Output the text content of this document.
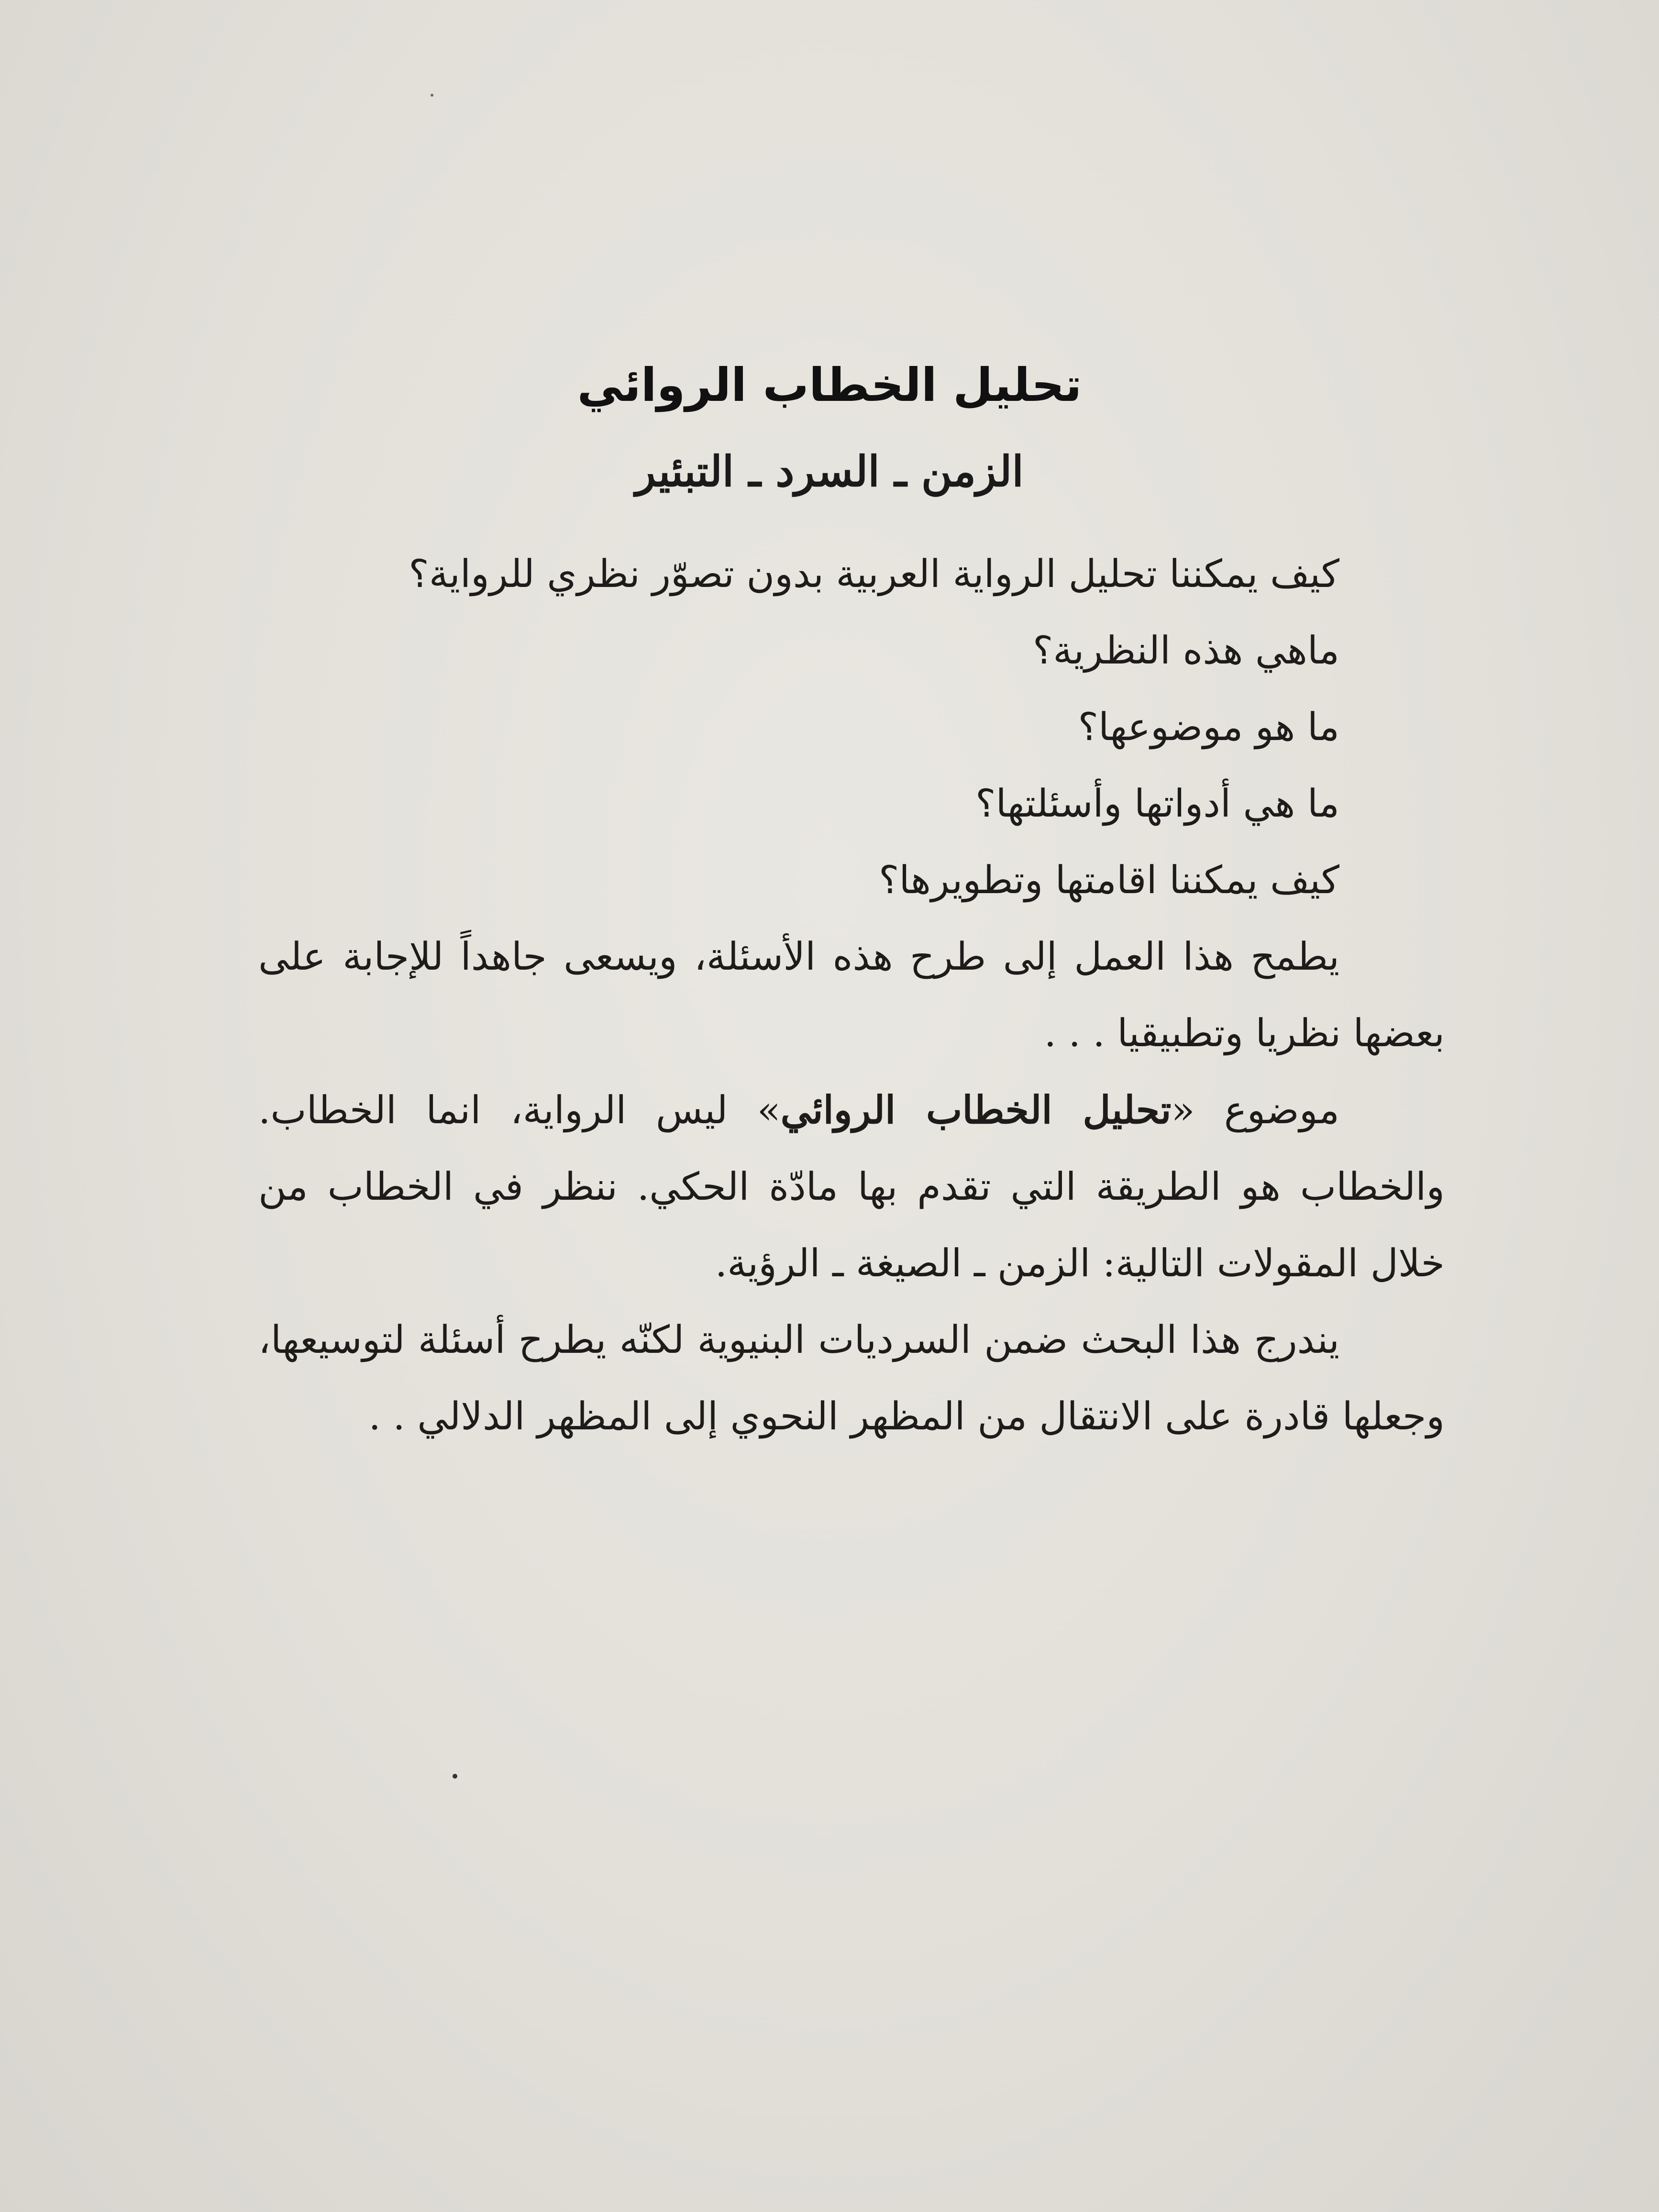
تحليل الخطاب الروائي
الزمن ـ السرد ـ التبئير

كيف يمكننا تحليل الرواية العربية بدون تصوّر نظري للرواية؟

ماهي هذه النظرية؟

ما هو موضوعها؟

ما هي أدواتها وأسئلتها؟

كيف يمكننا اقامتها وتطويرها؟

يطمح هذا العمل إلى طرح هذه الأسئلة، ويسعى جاهداً للإجابة على بعضها نظريا وتطبيقيا . . .

موضوع «تحليل الخطاب الروائي» ليس الرواية، انما الخطاب. والخطاب هو الطريقة التي تقدم بها مادّة الحكي. ننظر في الخطاب من خلال المقولات التالية: الزمن ـ الصيغة ـ الرؤية.

يندرج هذا البحث ضمن السرديات البنيوية لكنّه يطرح أسئلة لتوسيعها، وجعلها قادرة على الانتقال من المظهر النحوي إلى المظهر الدلالي . .
